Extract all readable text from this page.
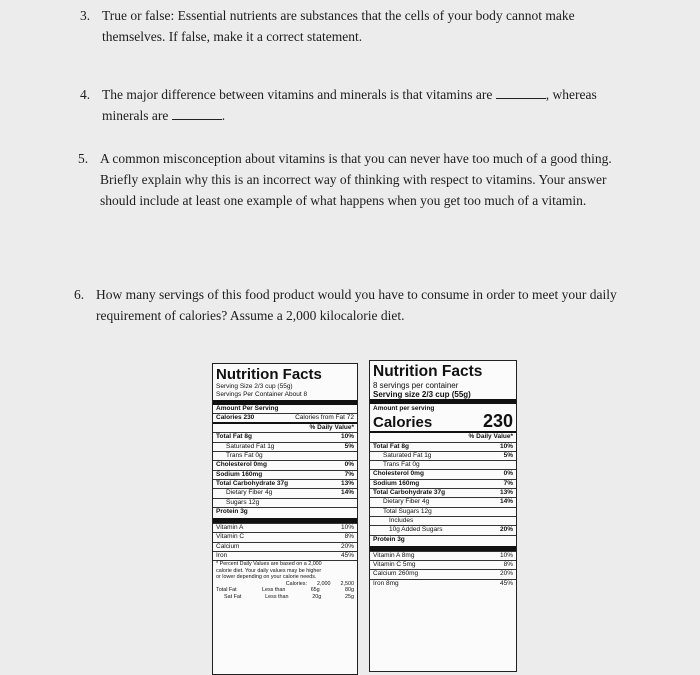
3. True or false: Essential nutrients are substances that the cells of your body cannot make
themselves. If false, make it a correct statement.
4. The major difference between vitamins and minerals is that vitamins are	, whereas
minerals are	.
5. A common misconception about vitamins is that you can never have too much of a good thing.
Briefly explain why this is an incorrect way of thinking with respect to vitamins. Your answer
should include at least one example of what happens when you get too much of a vitamin.
6. How many servings of this food product would you have to consume in order to meet your daily
requirement of calories? Assume a 2,000 kilocalorie diet.
Nutrition Facts
Serving Size 2/3 cup (55g)
Servings Per Container About 8
Amount Per Serving
Calories 230	Calories from Fat 72
% Daily Value*
Total Fat 8g	10%
Saturated Fat 1g	5%
Trans Fat 0g
Cholesterol 0mg	0%
Sodium 160mg	7%
Total Carbohydrate 37g	13%
Dietary Fiber 4g	14%
Sugars 12g
Protein 3g
Vitamin A	10%
Vitamin C	8%
Calcium	20%
Iron	45%
* Percent Daily Values are based on a 2,000
calorie diet. Your daily values may be higher
or lower depending on your calorie needs.
Calories: 2,000 2,500
Total Fat	Less than	65g	80g
Sat Fat	Less than	20g	25g
Nutrition Facts
8 servings per container
Serving size 2/3 cup (55g)
Amount per serving
Calories	230
% Daily Value*
Total Fat 8g	10%
Saturated Fat 1g	5%
Trans Fat 0g
Cholesterol 0mg	0%
Sodium 160mg	7%
Total Carbohydrate 37g	13%
Dietary Fiber 4g	14%
Total Sugars 12g
Includes
10g Added Sugars	20%
Protein 3g
Vitamin A 8mg	10%
Vitamin C 5mg	8%
Calcium 260mg	20%
Iron 8mg	45%
